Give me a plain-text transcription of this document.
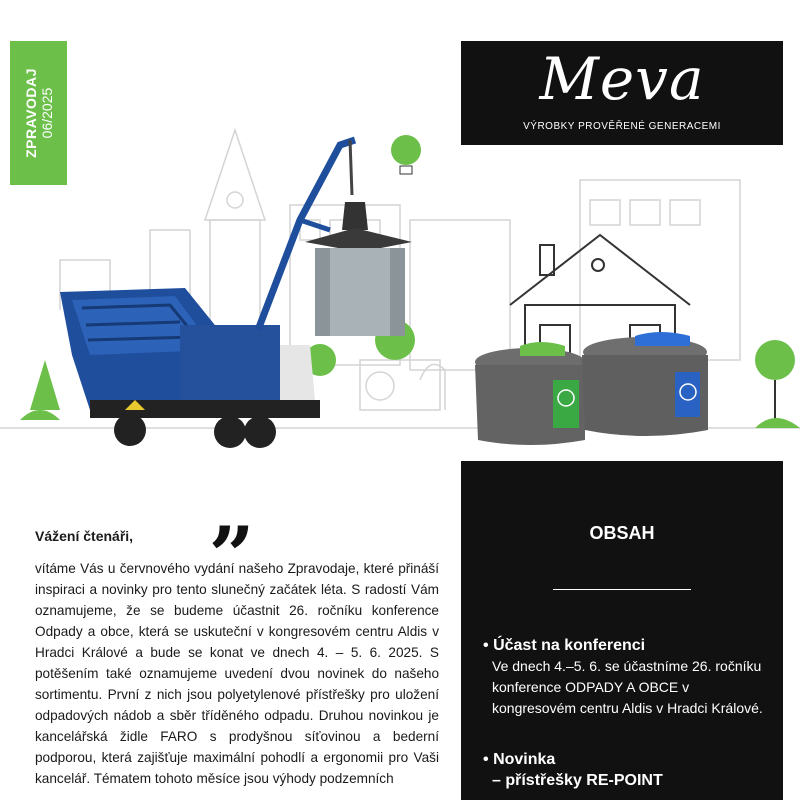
ZPRAVODAJ 06/2025
Meva
VÝROBKY PROVĚŘENÉ GENERACEMI
„
Vážení čtenáři,
vítáme Vás u červnového vydání našeho Zpravodaje, které přináší inspiraci a novinky pro tento slunečný začátek léta. S radostí Vám oznamujeme, že se budeme účastnit 26. ročníku konference Odpady a obce, která se uskuteční v kongresovém centru Aldis v Hradci Králové a bude se konat ve dnech 4. – 5. 6. 2025. S potěšením také oznamujeme uvedení dvou novinek do našeho sortimentu. První z nich jsou polyetylenové přístřešky pro uložení odpadových nádob a sběr tříděného odpadu. Druhou novinkou je kancelářská židle FARO s prodyšnou síťovinou a bederní podporou, která zajišťuje maximální pohodlí a ergonomii pro Vaši kancelář. Tématem tohoto měsíce jsou výhody podzemních
OBSAH
• Účast na konferenci
Ve dnech 4.–5. 6. se účastníme 26. ročníku konference ODPADY A OBCE v kongresovém centru Aldis v Hradci Králové.
• Novinka
– přístřešky RE-POINT
